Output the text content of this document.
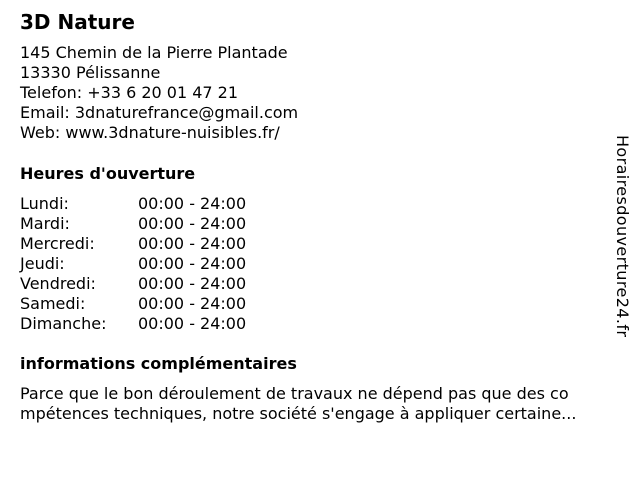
3D Nature
145 Chemin de la Pierre Plantade
13330 Pélissanne
Telefon: +33 6 20 01 47 21
Email: 3dnaturefrance@gmail.com
Web: www.3dnature-nuisibles.fr/
Heures d'ouverture
Lundi:	00:00 - 24:00
Mardi:	00:00 - 24:00
Mercredi:	00:00 - 24:00
Jeudi:	00:00 - 24:00
Vendredi:	00:00 - 24:00
Samedi:	00:00 - 24:00
Dimanche: 00:00 - 24:00
informations complémentaires
Parce que le bon déroulement de travaux ne dépend pas que des co
mpétences techniques, notre société s'engage à appliquer certaine...
Horairesdouverture24.fr
